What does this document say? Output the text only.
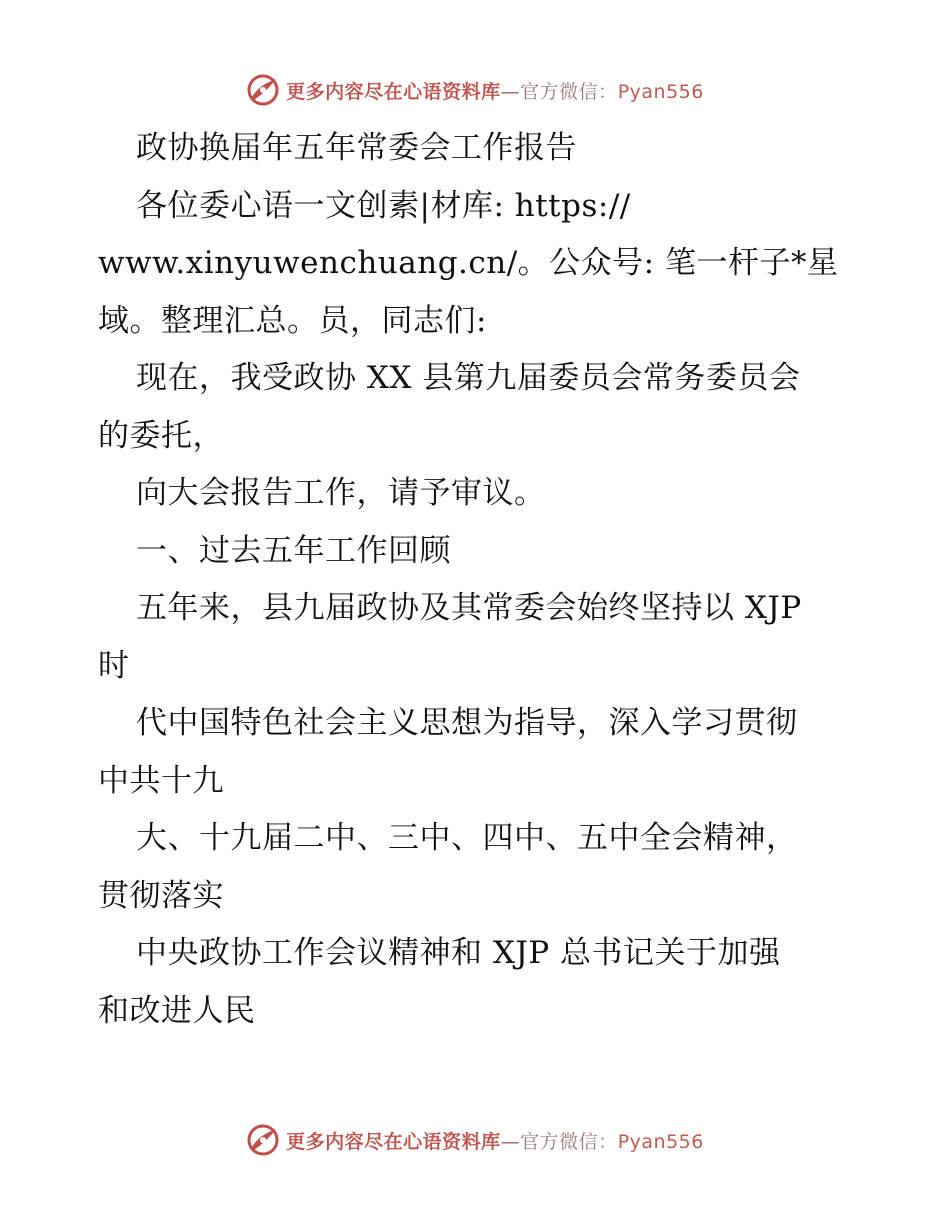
更多内容尽在心语资料库—官方微信：Pyan556
政协换届年五年常委会工作报告
各位委心语一文创素|材库: https://
www.xinyuwenchuang.cn/。公众号: 笔一杆子*星
域。整理汇总。员，同志们:
现在，我受政协 XX 县第九届委员会常务委员会
的委托，
向大会报告工作，请予审议。
一、过去五年工作回顾
五年来，县九届政协及其常委会始终坚持以 XJP
时
代中国特色社会主义思想为指导，深入学习贯彻
中共十九
大、十九届二中、三中、四中、五中全会精神，
贯彻落实
中央政协工作会议精神和 XJP 总书记关于加强
和改进人民
更多内容尽在心语资料库—官方微信：Pyan556
